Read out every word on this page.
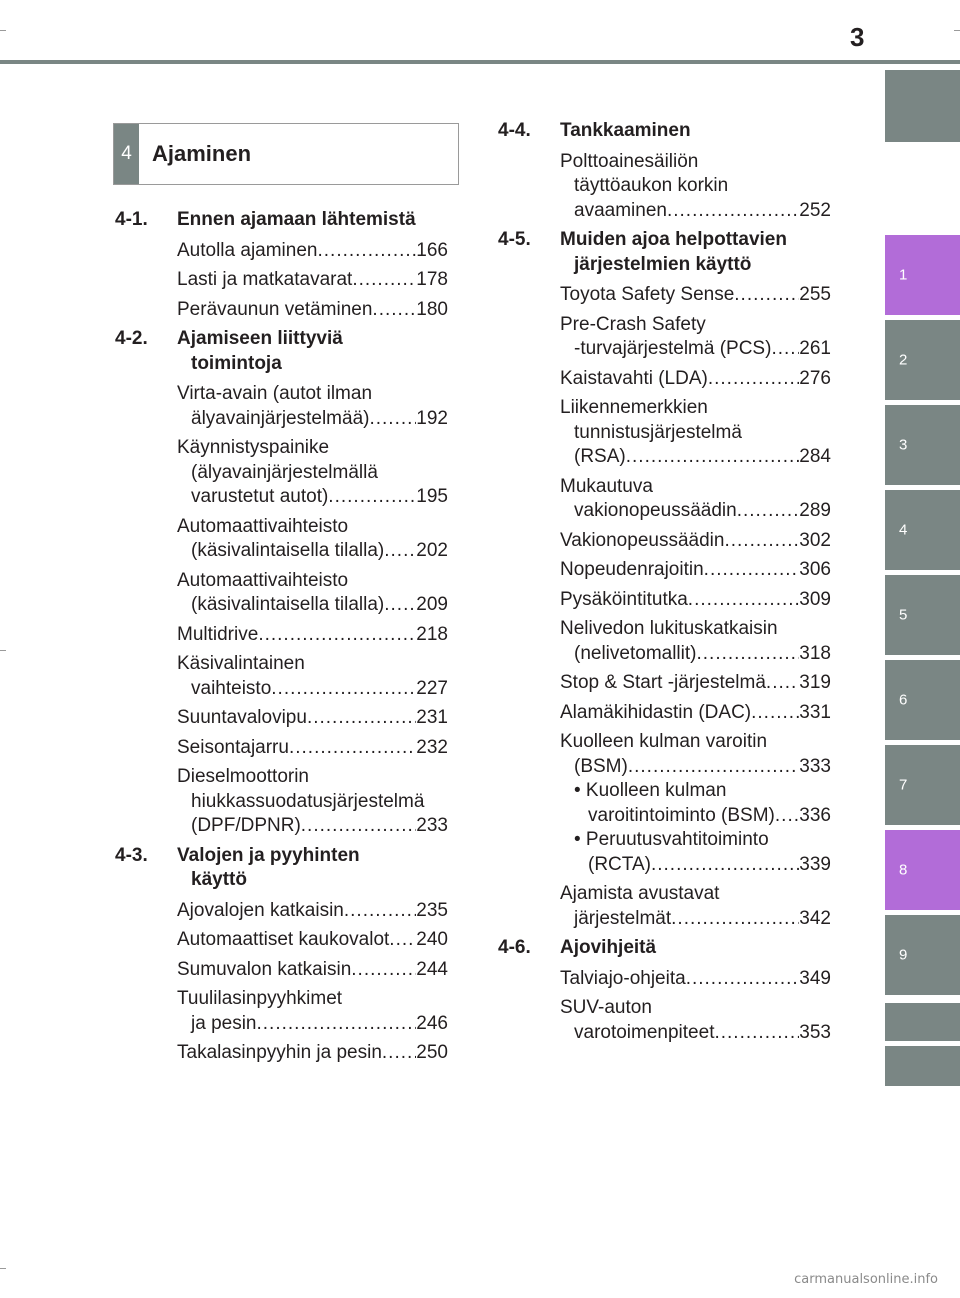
3
1
2
3
4
5
6
7
8
9
4 Ajaminen
4-1. Ennen ajamaan lähtemistä
Autolla ajaminen .....	166
Lasti ja matkatavarat .....	178
Perävaunun vetäminen ..... 180
4-2. Ajamiseen liittyviä
toimintoja
Virta-avain (autot ilman
älyavainjärjestelmää) ..... 192
Käynnistyspainike
(älyavainjärjestelmällä
varustetut autot) .....	195
Automaattivaihteisto
(käsivalintaisella tilalla) ..... 202
Automaattivaihteisto
(käsivalintaisella tilalla) ..... 209
Multidrive .....	218
Käsivalintainen
vaihteisto .....	227
Suuntavalovipu .....	231
Seisontajarru .....	232
Dieselmoottorin
hiukkassuodatusjärjestelmä
(DPF/DPNR) .....	233
4-3. Valojen ja pyyhinten
käyttö
Ajovalojen katkaisin .....	235
Automaattiset kaukovalot ..... 240
Sumuvalon katkaisin .....	244
Tuulilasinpyyhkimet
ja pesin .....	246
Takalasinpyyhin ja pesin ..... 250
4-4. Tankkaaminen
Polttoainesäiliön
täyttöaukon korkin
avaaminen .....	252
4-5. Muiden ajoa helpottavien
järjestelmien käyttö
Toyota Safety Sense .....	255
Pre-Crash Safety
-turvajärjestelmä (PCS) ..... 261
Kaistavahti (LDA) .....	276
Liikennemerkkien
tunnistusjärjestelmä
(RSA) .....	284
Mukautuva
vakionopeussäädin .....	289
Vakionopeussäädin .....	302
Nopeudenrajoitin .....	306
Pysäköintitutka .....	309
Nelivedon lukituskatkaisin
(nelivetomallit) .....	318
Stop & Start -järjestelmä ..... 319
Alamäkihidastin (DAC) .....	331
Kuolleen kulman varoitin
(BSM) .....	333
• Kuolleen kulman
varoitintoiminto (BSM) ..... 336
• Peruutusvahtitoiminto
(RCTA) .....	339
Ajamista avustavat
järjestelmät .....	342
4-6. Ajovihjeitä
Talviajo-ohjeita .....	349
SUV-auton
varotoimenpiteet .....	353
carmanualsonline.info
